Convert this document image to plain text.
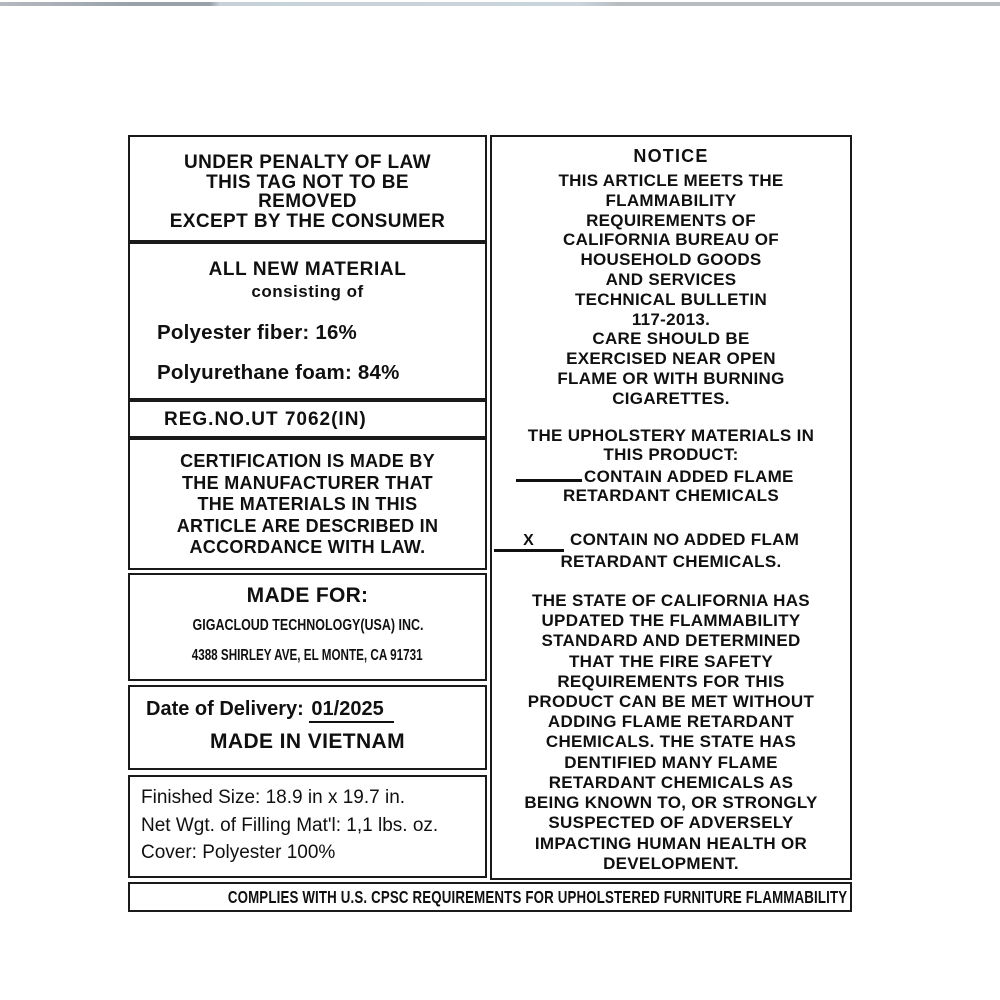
UNDER PENALTY OF LAW
THIS TAG NOT TO BE
REMOVED
EXCEPT BY THE CONSUMER
ALL NEW MATERIAL
consisting of
Polyester fiber: 16%
Polyurethane foam: 84%
REG.NO.UT 7062(IN)
CERTIFICATION IS MADE BY
THE MANUFACTURER THAT
THE MATERIALS IN THIS
ARTICLE ARE DESCRIBED IN
ACCORDANCE WITH LAW.
MADE FOR:
GIGACLOUD TECHNOLOGY(USA) INC.
4388 SHIRLEY AVE, EL MONTE, CA 91731
Date of Delivery: 01/2025
MADE IN VIETNAM
Finished Size: 18.9 in x 19.7 in.
Net Wgt. of Filling Mat'l: 1,1 lbs. oz.
Cover: Polyester 100%
NOTICE
THIS ARTICLE MEETS THE
FLAMMABILITY
REQUIREMENTS OF
CALIFORNIA BUREAU OF
HOUSEHOLD GOODS
AND SERVICES
TECHNICAL BULLETIN
117-2013.
CARE SHOULD BE
EXERCISED NEAR OPEN
FLAME OR WITH BURNING
CIGARETTES.
THE UPHOLSTERY MATERIALS IN
THIS PRODUCT:
CONTAIN ADDED FLAME
RETARDANT CHEMICALS
X CONTAIN NO ADDED FLAM
RETARDANT CHEMICALS.
THE STATE OF CALIFORNIA HAS
UPDATED THE FLAMMABILITY
STANDARD AND DETERMINED
THAT THE FIRE SAFETY
REQUIREMENTS FOR THIS
PRODUCT CAN BE MET WITHOUT
ADDING FLAME RETARDANT
CHEMICALS. THE STATE HAS
DENTIFIED MANY FLAME
RETARDANT CHEMICALS AS
BEING KNOWN TO, OR STRONGLY
SUSPECTED OF ADVERSELY
IMPACTING HUMAN HEALTH OR
DEVELOPMENT.
COMPLIES WITH U.S. CPSC REQUIREMENTS FOR UPHOLSTERED FURNITURE FLAMMABILITY
